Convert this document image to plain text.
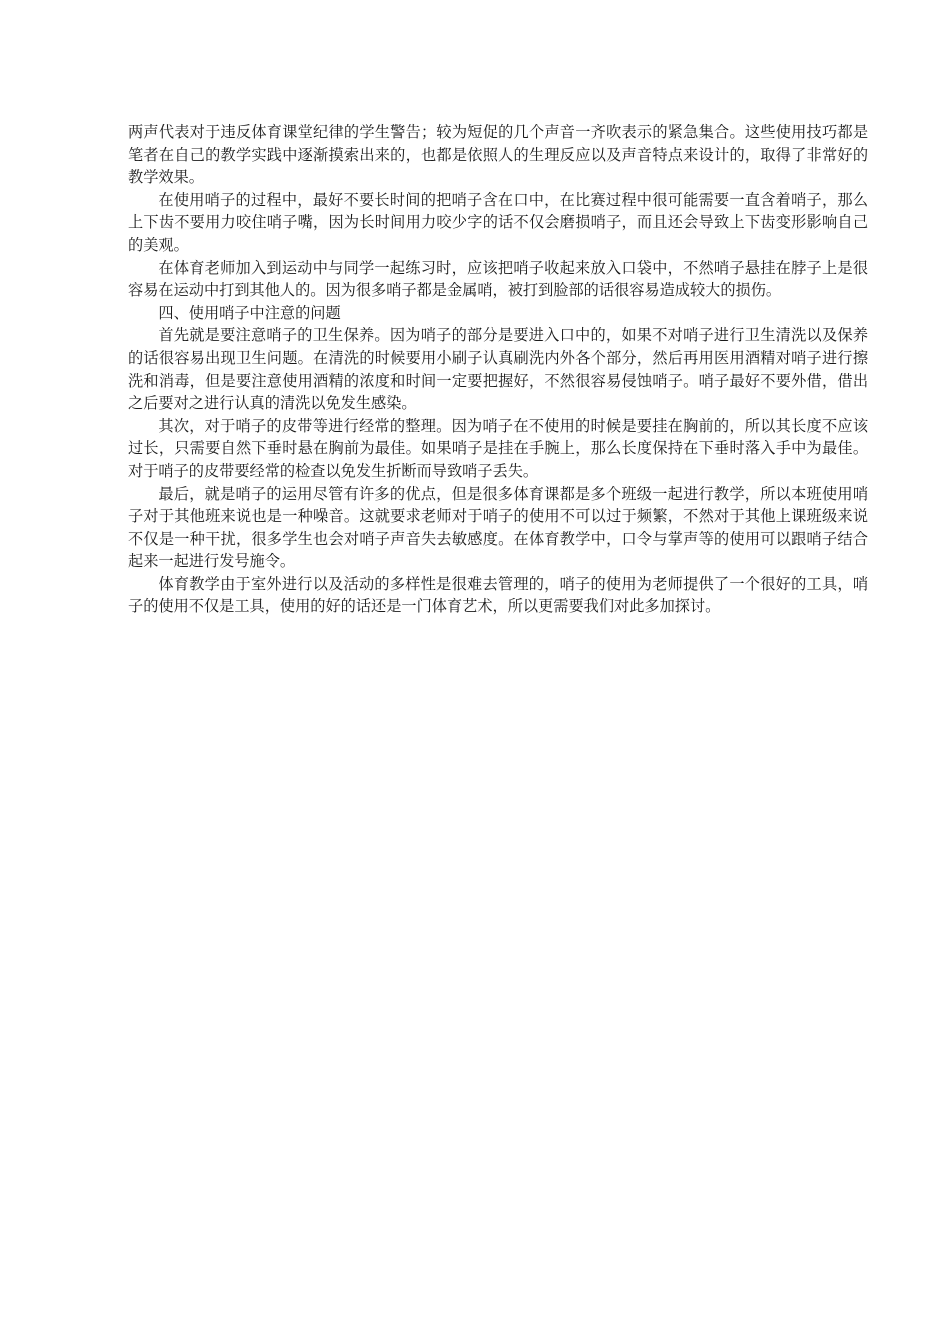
两声代表对于违反体育课堂纪律的学生警告；较为短促的几个声音一齐吹表示的紧急集合。这些使用技巧都是笔者在自己的教学实践中逐渐摸索出来的，也都是依照人的生理反应以及声音特点来设计的，取得了非常好的教学效果。

在使用哨子的过程中，最好不要长时间的把哨子含在口中，在比赛过程中很可能需要一直含着哨子，那么上下齿不要用力咬住哨子嘴，因为长时间用力咬少字的话不仅会磨损哨子，而且还会导致上下齿变形影响自己的美观。

在体育老师加入到运动中与同学一起练习时，应该把哨子收起来放入口袋中，不然哨子悬挂在脖子上是很容易在运动中打到其他人的。因为很多哨子都是金属哨，被打到脸部的话很容易造成较大的损伤。

四、使用哨子中注意的问题

首先就是要注意哨子的卫生保养。因为哨子的部分是要进入口中的，如果不对哨子进行卫生清洗以及保养的话很容易出现卫生问题。在清洗的时候要用小刷子认真刷洗内外各个部分，然后再用医用酒精对哨子进行擦洗和消毒，但是要注意使用酒精的浓度和时间一定要把握好，不然很容易侵蚀哨子。哨子最好不要外借，借出之后要对之进行认真的清洗以免发生感染。

其次，对于哨子的皮带等进行经常的整理。因为哨子在不使用的时候是要挂在胸前的，所以其长度不应该过长，只需要自然下垂时悬在胸前为最佳。如果哨子是挂在手腕上，那么长度保持在下垂时落入手中为最佳。对于哨子的皮带要经常的检查以免发生折断而导致哨子丢失。

最后，就是哨子的运用尽管有许多的优点，但是很多体育课都是多个班级一起进行教学，所以本班使用哨子对于其他班来说也是一种噪音。这就要求老师对于哨子的使用不可以过于频繁，不然对于其他上课班级来说不仅是一种干扰，很多学生也会对哨子声音失去敏感度。在体育教学中，口令与掌声等的使用可以跟哨子结合起来一起进行发号施令。

体育教学由于室外进行以及活动的多样性是很难去管理的，哨子的使用为老师提供了一个很好的工具，哨子的使用不仅是工具，使用的好的话还是一门体育艺术，所以更需要我们对此多加探讨。
